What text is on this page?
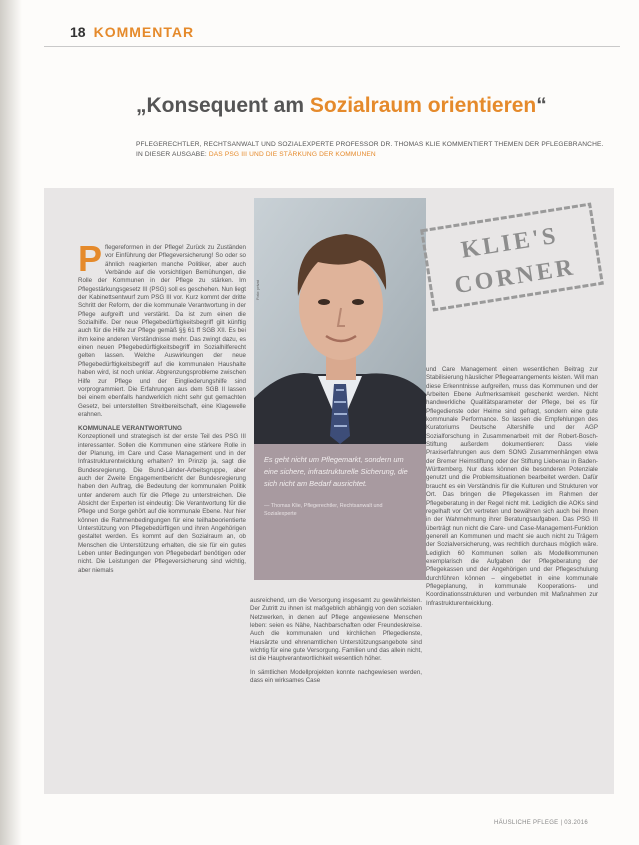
18 KOMMENTAR
„Konsequent am Sozialraum orientieren“
PFLEGERECHTLER, RECHTSANWALT UND SOZIALEXPERTE PROFESSOR DR. THOMAS KLIE KOMMENTIERT THEMEN DER PFLEGEBRANCHE. IN DIESER AUSGABE: DAS PSG III UND DIE STÄRKUNG DER KOMMUNEN

Pflegereformen in der Pflege! Zurück zu Zuständen vor Einführung der Pflegeversicherung! So oder so ähnlich reagierten manche Politiker, aber auch Verbände auf die vorsichtigen Bemühungen, die Rolle der Kommunen in der Pflege zu stärken. Im Pflegestärkungsgesetz III (PSG) soll es geschehen. Nun liegt der Kabinettsentwurf zum PSG III vor. Kurz kommt der dritte Schritt der Reform, der die kommunale Verantwortung in der Pflege aufgreift und verstärkt. Da ist zum einen die Sozialhilfe. Der neue Pflegebedürftigkeitsbegriff gilt künftig auch für die Hilfe zur Pflege gemäß §§ 61 ff SGB XII. Es bei ihm keine anderen Verständnisse mehr. Das zwingt dazu, es einen neuen Pflegebedürftigkeitsbegriff im Sozialhilferecht gelten lassen. Welche Auswirkungen der neue Pflegebedürftigkeitsbegriff auf die kommunalen Haushalte haben wird, ist noch unklar. Abgrenzungsprobleme zwischen Hilfe zur Pflege und der Eingliederungshilfe sind vorprogrammiert. Die Erfahrungen aus dem SGB II lassen bei einem ebenfalls handwerklich nicht sehr gut gemachten Gesetz, bei unterstellten Streitbereitschaft, eine Klagewelle erahnen.

KOMMUNALE VERANTWORTUNG

Konzeptionell und strategisch ist der erste Teil des PSG III interessanter. Sollen die Kommunen eine stärkere Rolle in der Planung, im Care und Case Management und in der Infrastrukturentwicklung erhalten? Im Prinzip ja, sagt die Bundesregierung. Die Bund-Länder-Arbeitsgruppe, aber auch der Zweite Engagementbericht der Bundesregierung haben den Auftrag, die Bedeutung der kommunalen Politik unter anderem auch für die Pflege zu unterstreichen. Die Absicht der Experten ist eindeutig: Die Verantwortung für die Pflege und Sorge gehört auf die kommunale Ebene. Nur hier können die Rahmenbedingungen für eine teilhabeorientierte Unterstützung von Pflegebedürftigen und ihren Angehörigen gestaltet werden. Es kommt auf den Sozialraum an, ob Menschen die Unterstützung erhalten, die sie für ein gutes Leben unter Bedingungen von Pflegebedarf benötigen oder nicht. Die Leistungen der Pflegeversicherung sind wichtig, aber niemals

Foto: privat
Es geht nicht um Pflegemarkt, sondern um eine sichere, infrastrukturelle Sicherung, die sich nicht am Bedarf ausrichtet.
— Thomas Klie, Pflegerechtler, Rechtsanwalt und Sozialexperte
KLIE'S
CORNER

ausreichend, um die Versorgung insgesamt zu gewährleisten. Der Zutritt zu ihnen ist maßgeblich abhängig von den sozialen Netzwerken, in denen auf Pflege angewiesene Menschen leben: seien es Nähe, Nachbarschaften oder Freundeskreise. Auch die kommunalen und kirchlichen Pflegedienste, Hausärzte und ehrenamtlichen Unterstützungsangebote sind wichtig für eine gute Versorgung. Familien und das allein nicht, ist die Hauptverantwortlichkeit wesentlich höher.

In sämtlichen Modellprojekten konnte nachgewiesen werden, dass ein wirksames Case

und Care Management einen wesentlichen Beitrag zur Stabilisierung häuslicher Pflegearrangements leisten. Will man diese Erkenntnisse aufgreifen, muss das Kommunen und der Arbeiten Ebene Aufmerksamkeit geschenkt werden. Nicht handwerkliche Qualitätsparameter der Pflege, bei es für Pflegedienste oder Heime sind gefragt, sondern eine gute kommunale Performance. So lassen die Empfehlungen des Kuratoriums Deutsche Altershilfe und der AGP Sozialforschung in Zusammenarbeit mit der Robert-Bosch-Stiftung außerdem dokumentieren: Dass viele Praxiserfahrungen aus dem SONG Zusammenhängen etwa der Bremer Heimstiftung oder der Stiftung Liebenau in Baden-Württemberg. Nur dass können die besonderen Potenziale genutzt und die Problemsituationen bearbeitet werden. Dafür braucht es ein Verständnis für die Kulturen und Strukturen vor Ort. Das bringen die Pflegekassen im Rahmen der Pflegeberatung in der Regel nicht mit. Lediglich die AOKs sind regelhaft vor Ort vertreten und bewähren sich auch bei Ihnen in der Wahrnehmung ihrer Beratungsaufgaben. Das PSG III überträgt nun nicht die Care- und Case-Management-Funktion generell an Kommunen und macht sie auch nicht zu Trägern der Sozialversicherung, was rechtlich durchaus möglich wäre. Lediglich 60 Kommunen sollen als Modellkommunen exemplarisch die Aufgaben der Pflegeberatung der Pflegekassen und der Angehörigen und der Pflegeschulung durchführen können – eingebettet in eine kommunale Pflegeplanung, in kommunale Kooperations- und Koordinationsstrukturen und verbunden mit Maßnahmen zur Infrastrukturentwicklung.

HÄUSLICHE PFLEGE | 03.2016
